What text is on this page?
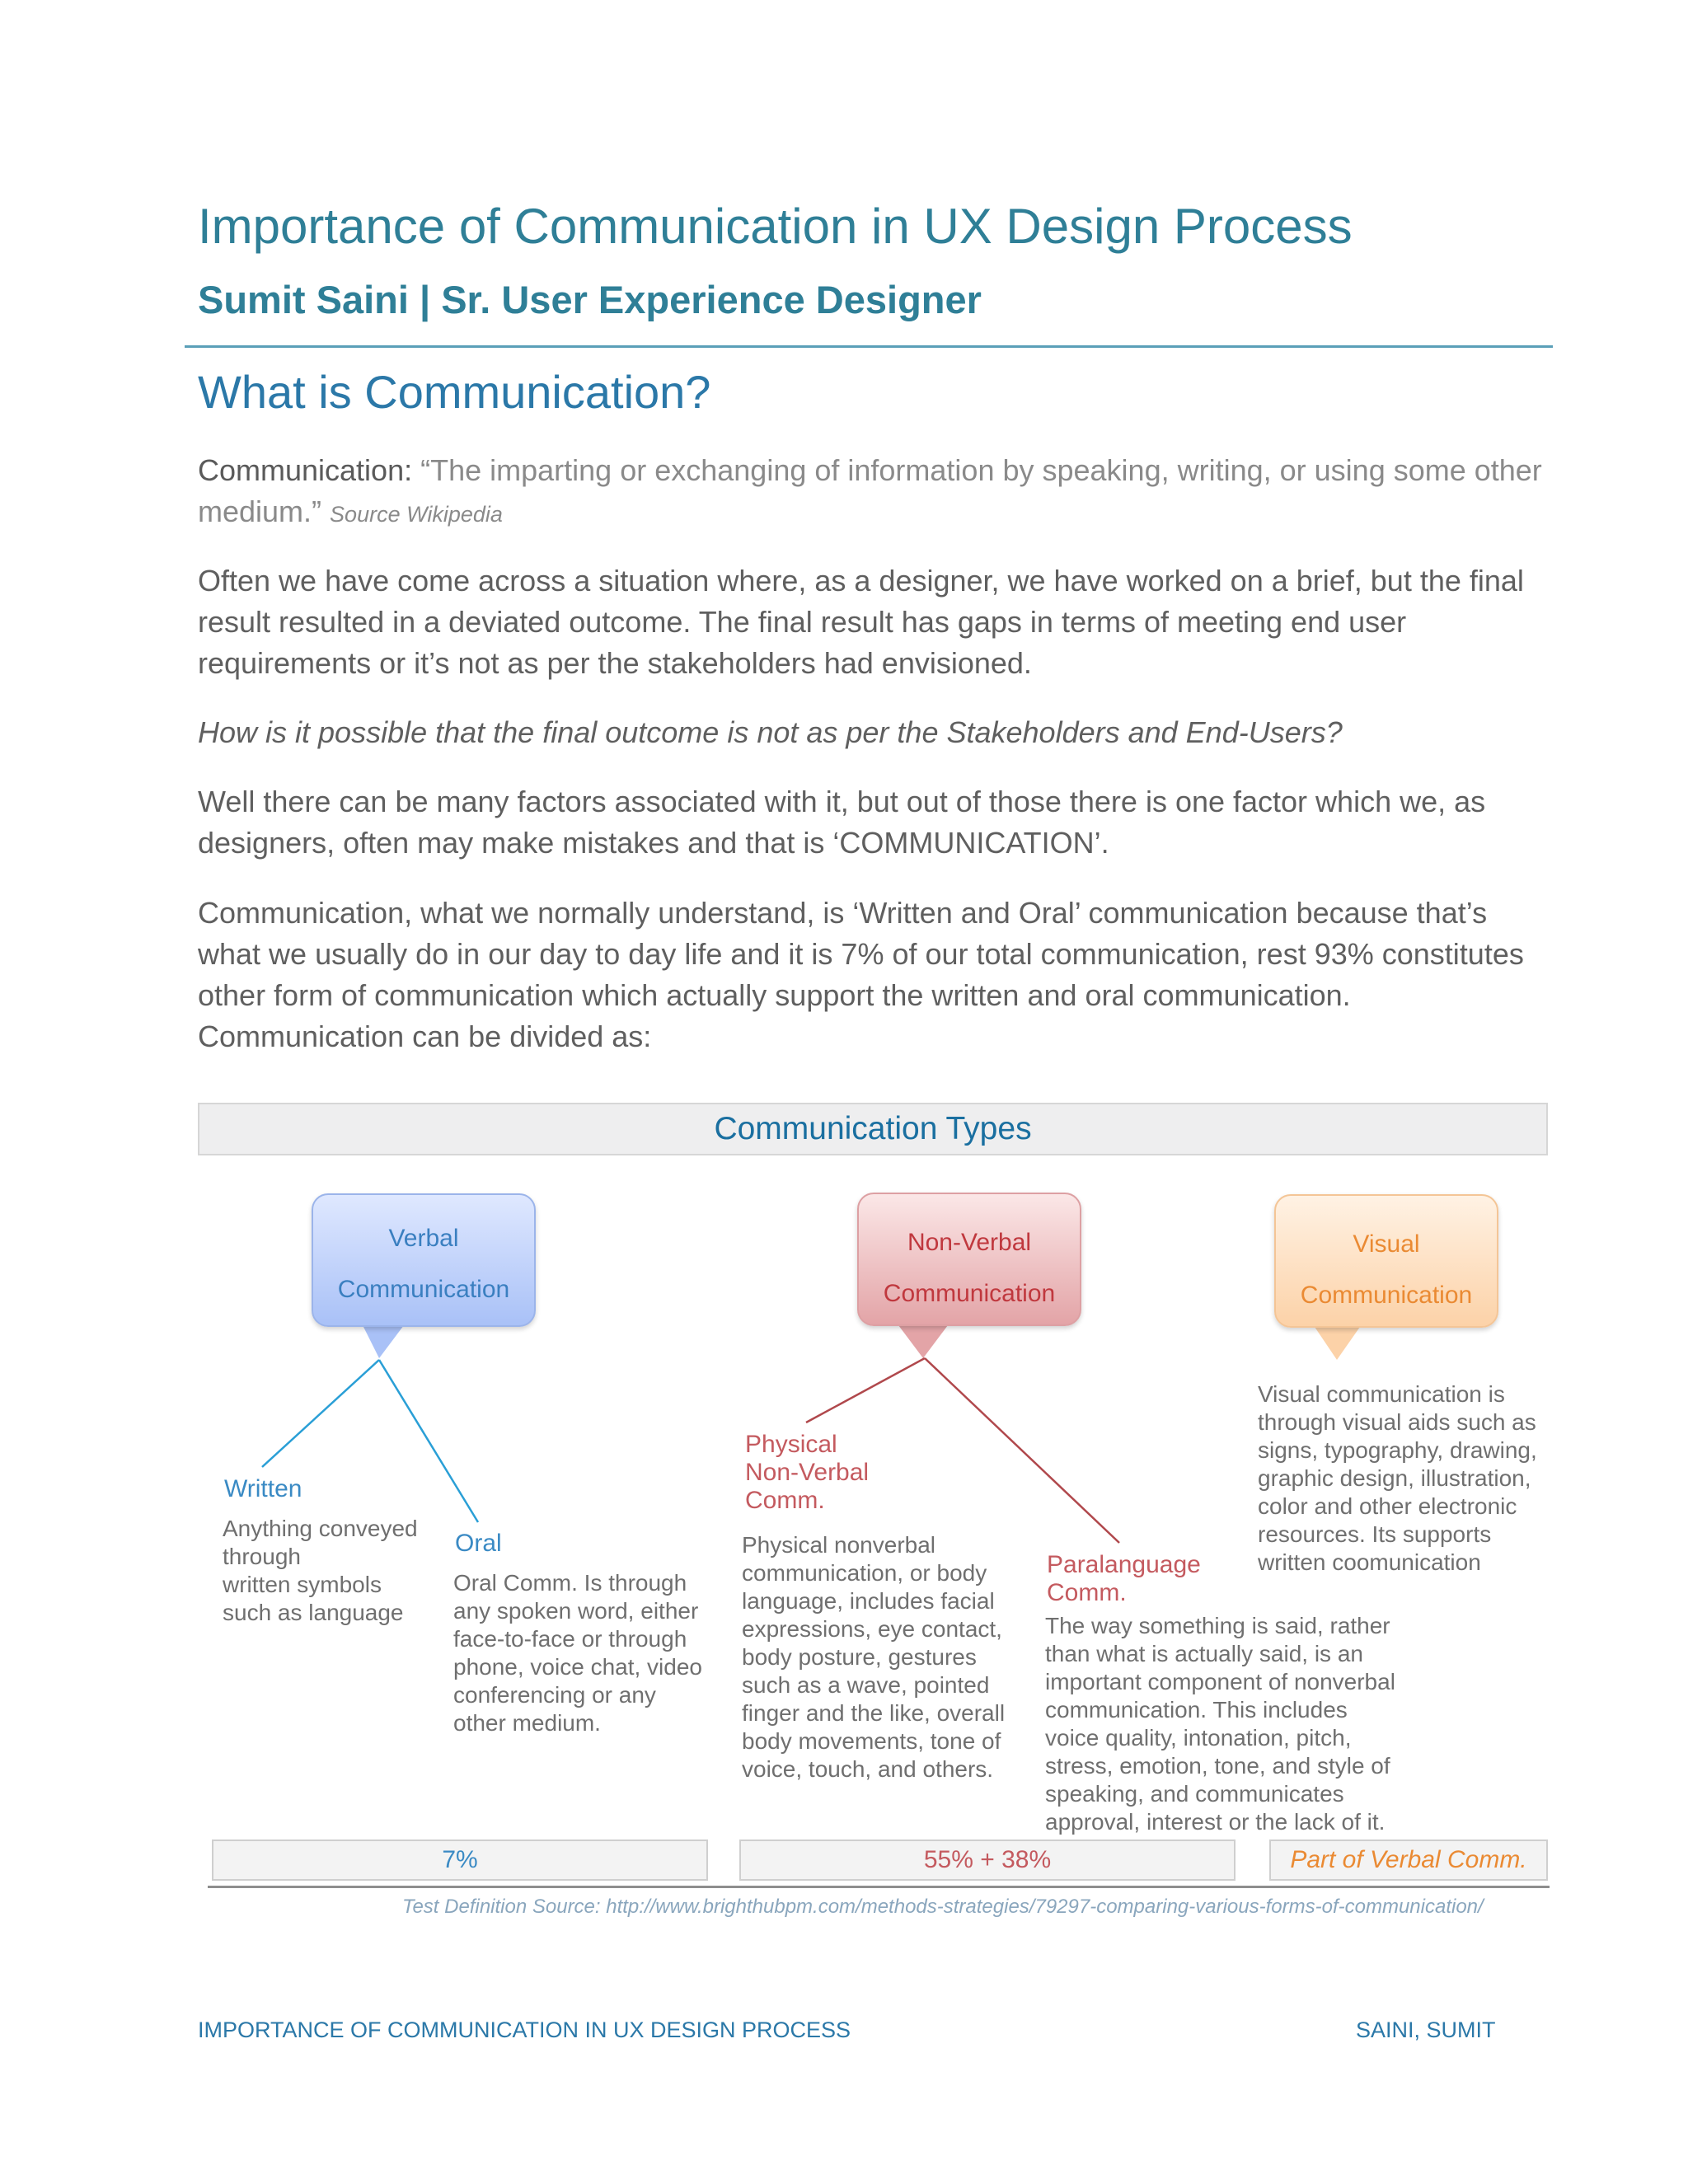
Importance of Communication in UX Design Process
Sumit Saini | Sr. User Experience Designer
What is Communication?
Communication: “The imparting or exchanging of information by speaking, writing, or using some other medium.” Source Wikipedia
Often we have come across a situation where, as a designer, we have worked on a brief, but the final result resulted in a deviated outcome. The final result has gaps in terms of meeting end user requirements or it’s not as per the stakeholders had envisioned.
How is it possible that the final outcome is not as per the Stakeholders and End-Users?
Well there can be many factors associated with it, but out of those there is one factor which we, as designers, often may make mistakes and that is ‘COMMUNICATION’.
Communication, what we normally understand, is ‘Written and Oral’ communication because that’s what we usually do in our day to day life and it is 7% of our total communication, rest 93% constitutes other form of communication which actually support the written and oral communication. Communication can be divided as:
Communication Types
Verbal
Communication
Non-Verbal
Communication
Visual
Communication
Written
Anything conveyed
through
written symbols
such as language
Oral
Oral Comm. Is through
any spoken word, either
face-to-face or through
phone, voice chat, video
conferencing or any
other medium.
Physical
Non-Verbal
Comm.
Physical nonverbal
communication, or body
language, includes facial
expressions, eye contact,
body posture, gestures
such as a wave, pointed
finger and the like, overall
body movements, tone of
voice, touch, and others.
Paralanguage
Comm.
The way something is said, rather
than what is actually said, is an
important component of nonverbal
communication. This includes
voice quality, intonation, pitch,
stress, emotion, tone, and style of
speaking, and communicates
approval, interest or the lack of it.
Visual communication is
through visual aids such as
signs, typography, drawing,
graphic design, illustration,
color and other electronic
resources. Its supports
written coomunication
7%	55% + 38%	Part of Verbal Comm.
Test Definition Source: http://www.brighthubpm.com/methods-strategies/79297-comparing-various-forms-of-communication/
IMPORTANCE OF COMMUNICATION IN UX DESIGN PROCESS	SAINI, SUMIT
